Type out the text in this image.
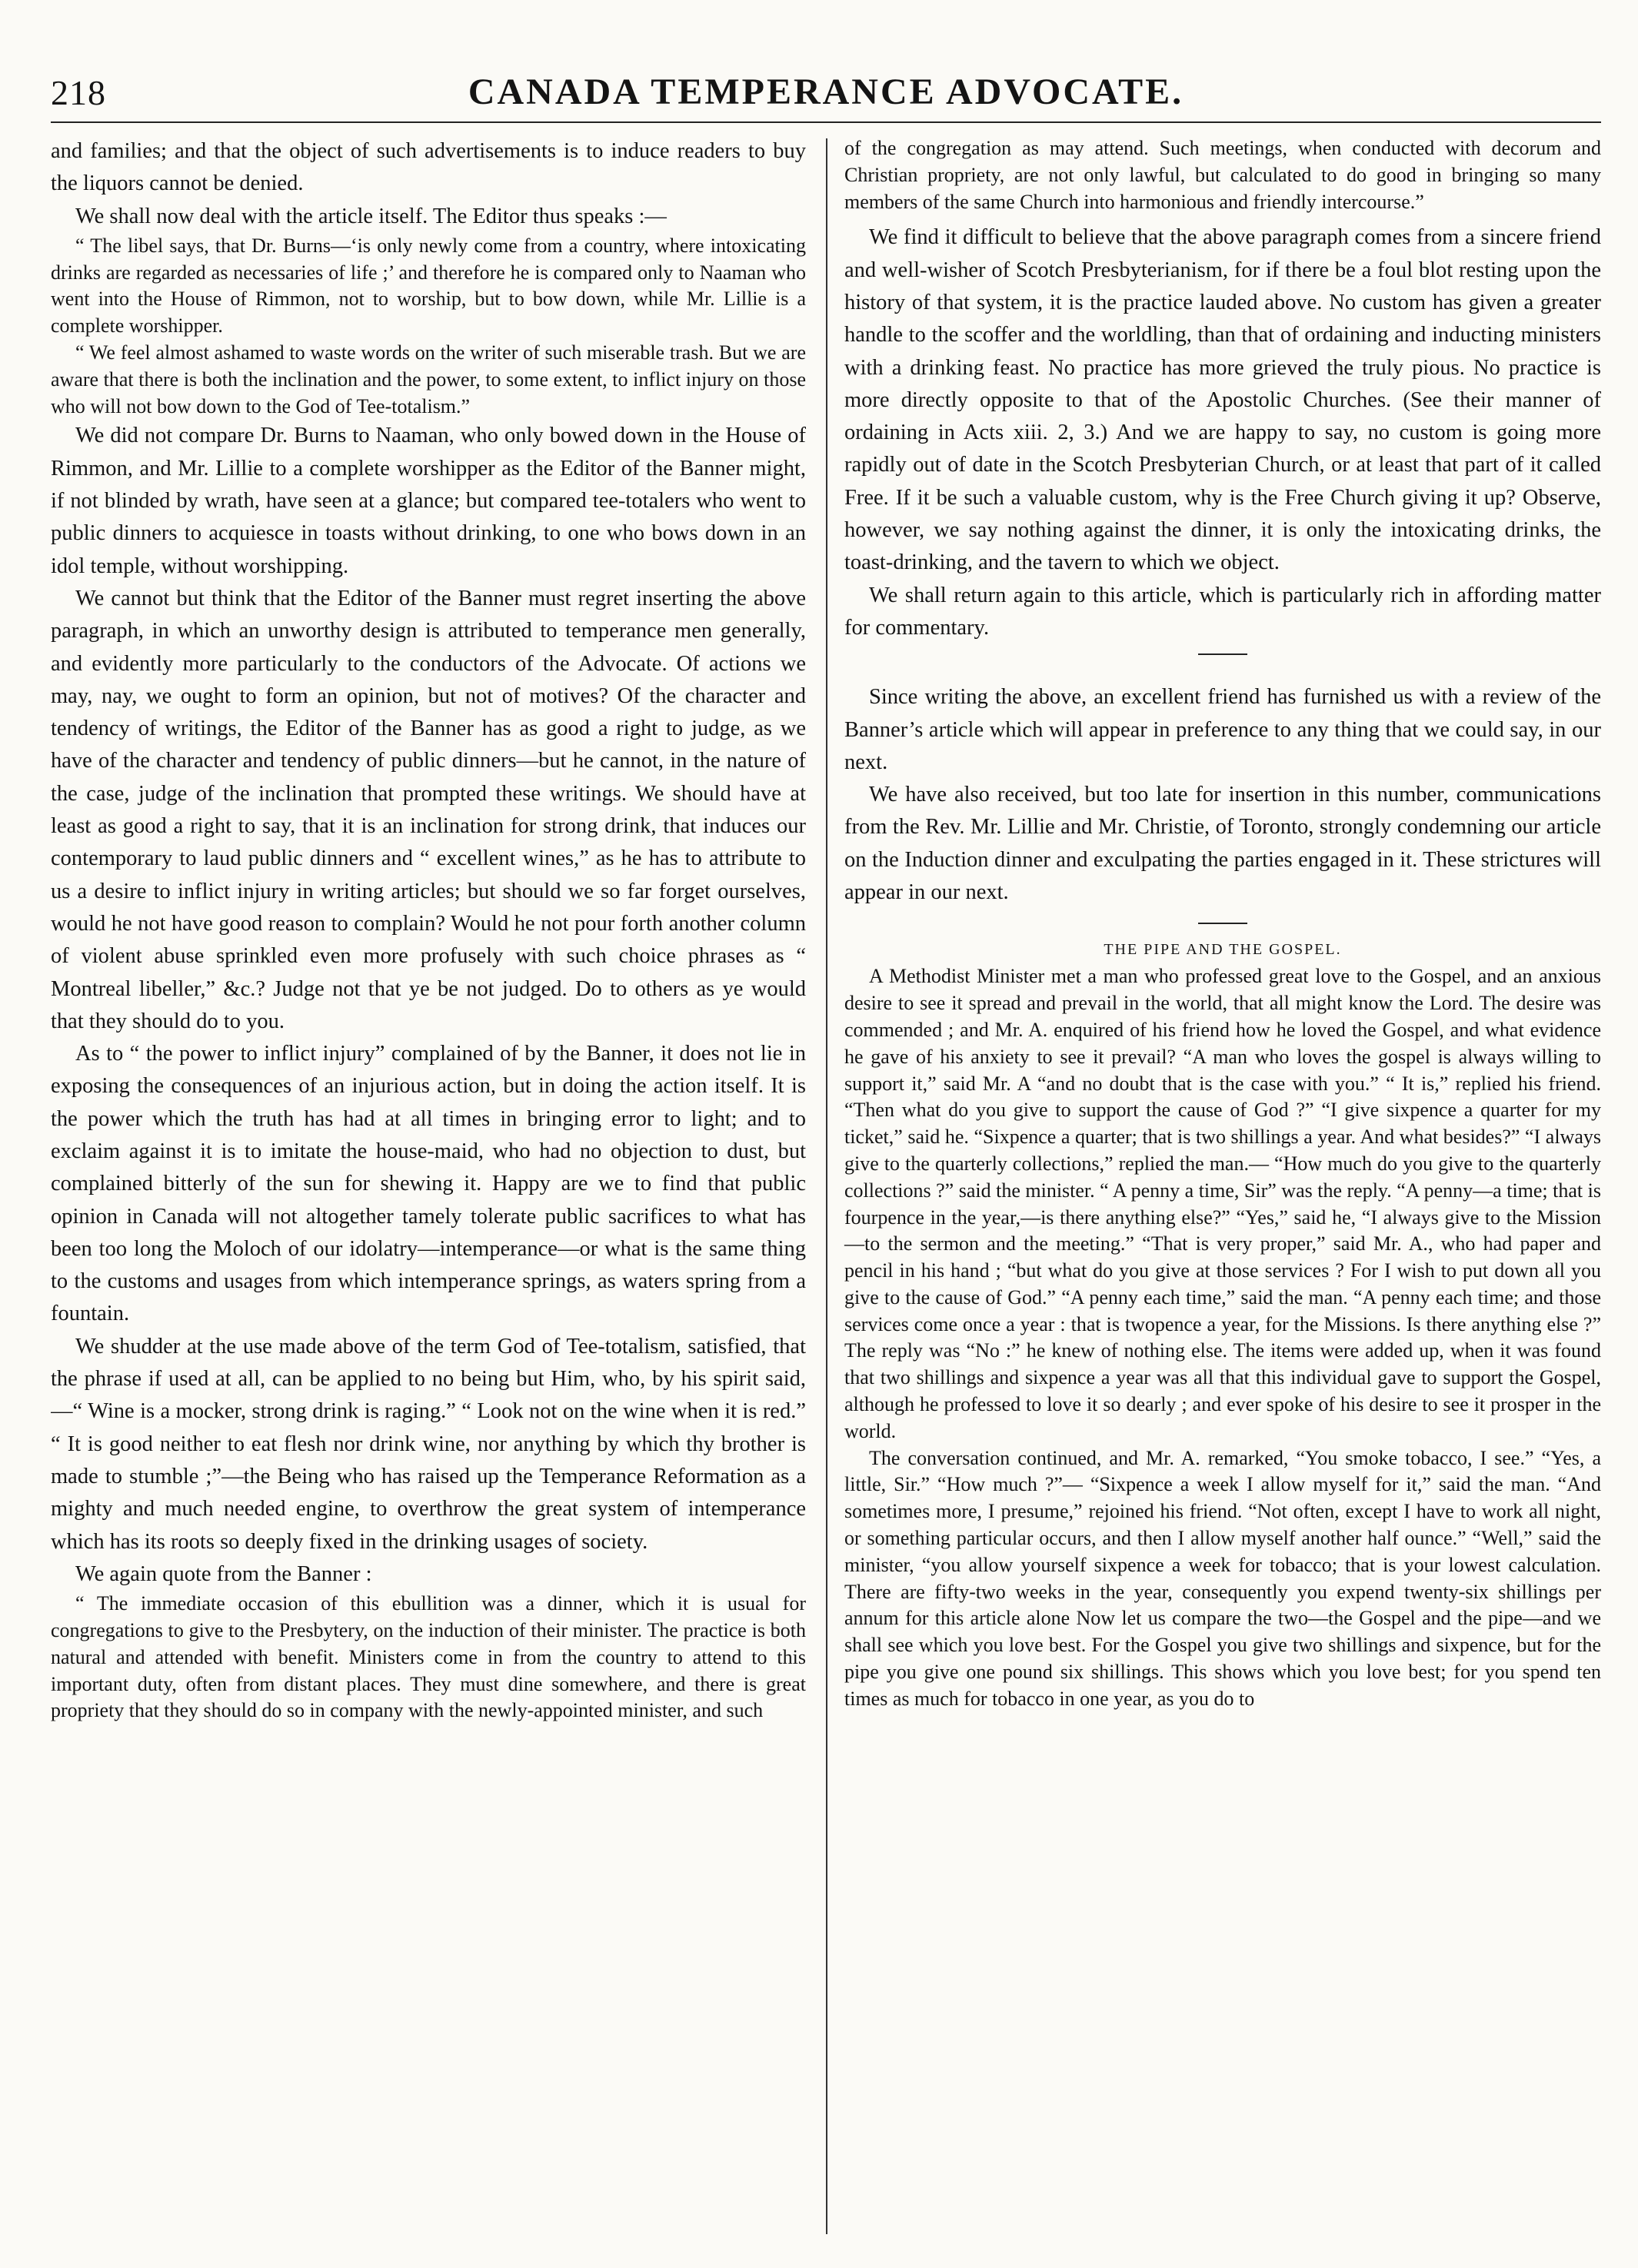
218	CANADA TEMPERANCE ADVOCATE.

and families; and that the object of such advertisements is to induce readers to buy the liquors cannot be denied.

We shall now deal with the article itself. The Editor thus speaks :—

“ The libel says, that Dr. Burns—‘is only newly come from a country, where intoxicating drinks are regarded as necessaries of life ;’ and therefore he is compared only to Naaman who went into the House of Rimmon, not to worship, but to bow down, while Mr. Lillie is a complete worshipper.

“ We feel almost ashamed to waste words on the writer of such miserable trash. But we are aware that there is both the inclination and the power, to some extent, to inflict injury on those who will not bow down to the God of Tee-totalism.”

We did not compare Dr. Burns to Naaman, who only bowed down in the House of Rimmon, and Mr. Lillie to a complete worshipper as the Editor of the Banner might, if not blinded by wrath, have seen at a glance; but compared tee-totalers who went to public dinners to acquiesce in toasts without drinking, to one who bows down in an idol temple, without worshipping.

We cannot but think that the Editor of the Banner must regret inserting the above paragraph, in which an unworthy design is attributed to temperance men generally, and evidently more particularly to the conductors of the Advocate. Of actions we may, nay, we ought to form an opinion, but not of motives? Of the character and tendency of writings, the Editor of the Banner has as good a right to judge, as we have of the character and tendency of public dinners—but he cannot, in the nature of the case, judge of the inclination that prompted these writings. We should have at least as good a right to say, that it is an inclination for strong drink, that induces our contemporary to laud public dinners and “ excellent wines,” as he has to attribute to us a desire to inflict injury in writing articles; but should we so far forget ourselves, would he not have good reason to complain? Would he not pour forth another column of violent abuse sprinkled even more profusely with such choice phrases as “ Montreal libeller,” &c.? Judge not that ye be not judged. Do to others as ye would that they should do to you.

As to “ the power to inflict injury” complained of by the Banner, it does not lie in exposing the consequences of an injurious action, but in doing the action itself. It is the power which the truth has had at all times in bringing error to light; and to exclaim against it is to imitate the house-maid, who had no objection to dust, but complained bitterly of the sun for shewing it. Happy are we to find that public opinion in Canada will not altogether tamely tolerate public sacrifices to what has been too long the Moloch of our idolatry—intemperance—or what is the same thing to the customs and usages from which intemperance springs, as waters spring from a fountain.

We shudder at the use made above of the term God of Tee-totalism, satisfied, that the phrase if used at all, can be applied to no being but Him, who, by his spirit said,—“ Wine is a mocker, strong drink is raging.” “ Look not on the wine when it is red.” “ It is good neither to eat flesh nor drink wine, nor anything by which thy brother is made to stumble ;”—the Being who has raised up the Temperance Reformation as a mighty and much needed engine, to overthrow the great system of intemperance which has its roots so deeply fixed in the drinking usages of society.

We again quote from the Banner :

“ The immediate occasion of this ebullition was a dinner, which it is usual for congregations to give to the Presbytery, on the induction of their minister. The practice is both natural and attended with benefit. Ministers come in from the country to attend to this important duty, often from distant places. They must dine somewhere, and there is great propriety that they should do so in company with the newly-appointed minister, and such

of the congregation as may attend. Such meetings, when conducted with decorum and Christian propriety, are not only lawful, but calculated to do good in bringing so many members of the same Church into harmonious and friendly intercourse.”

We find it difficult to believe that the above paragraph comes from a sincere friend and well-wisher of Scotch Presbyterianism, for if there be a foul blot resting upon the history of that system, it is the practice lauded above. No custom has given a greater handle to the scoffer and the worldling, than that of ordaining and inducting ministers with a drinking feast. No practice has more grieved the truly pious. No practice is more directly opposite to that of the Apostolic Churches. (See their manner of ordaining in Acts xiii. 2, 3.) And we are happy to say, no custom is going more rapidly out of date in the Scotch Presbyterian Church, or at least that part of it called Free. If it be such a valuable custom, why is the Free Church giving it up? Observe, however, we say nothing against the dinner, it is only the intoxicating drinks, the toast-drinking, and the tavern to which we object.

We shall return again to this article, which is particularly rich in affording matter for commentary.

Since writing the above, an excellent friend has furnished us with a review of the Banner’s article which will appear in preference to any thing that we could say, in our next.

We have also received, but too late for insertion in this number, communications from the Rev. Mr. Lillie and Mr. Christie, of Toronto, strongly condemning our article on the Induction dinner and exculpating the parties engaged in it. These strictures will appear in our next.

THE PIPE AND THE GOSPEL.

A Methodist Minister met a man who professed great love to the Gospel, and an anxious desire to see it spread and prevail in the world, that all might know the Lord. The desire was commended ; and Mr. A. enquired of his friend how he loved the Gospel, and what evidence he gave of his anxiety to see it prevail? “A man who loves the gospel is always willing to support it,” said Mr. A “and no doubt that is the case with you.” “ It is,” replied his friend. “Then what do you give to support the cause of God ?” “I give sixpence a quarter for my ticket,” said he. “Sixpence a quarter; that is two shillings a year. And what besides?” “I always give to the quarterly collections,” replied the man.— “How much do you give to the quarterly collections ?” said the minister. “ A penny a time, Sir” was the reply. “A penny—a time; that is fourpence in the year,—is there anything else?” “Yes,” said he, “I always give to the Mission—to the sermon and the meeting.” “That is very proper,” said Mr. A., who had paper and pencil in his hand ; “but what do you give at those services ? For I wish to put down all you give to the cause of God.” “A penny each time,” said the man. “A penny each time; and those services come once a year : that is twopence a year, for the Missions. Is there anything else ?” The reply was “No :” he knew of nothing else. The items were added up, when it was found that two shillings and sixpence a year was all that this individual gave to support the Gospel, although he professed to love it so dearly ; and ever spoke of his desire to see it prosper in the world.

The conversation continued, and Mr. A. remarked, “You smoke tobacco, I see.” “Yes, a little, Sir.” “How much ?”— “Sixpence a week I allow myself for it,” said the man. “And sometimes more, I presume,” rejoined his friend. “Not often, except I have to work all night, or something particular occurs, and then I allow myself another half ounce.” “Well,” said the minister, “you allow yourself sixpence a week for tobacco; that is your lowest calculation. There are fifty-two weeks in the year, consequently you expend twenty-six shillings per annum for this article alone Now let us compare the two—the Gospel and the pipe—and we shall see which you love best. For the Gospel you give two shillings and sixpence, but for the pipe you give one pound six shillings. This shows which you love best; for you spend ten times as much for tobacco in one year, as you do to
